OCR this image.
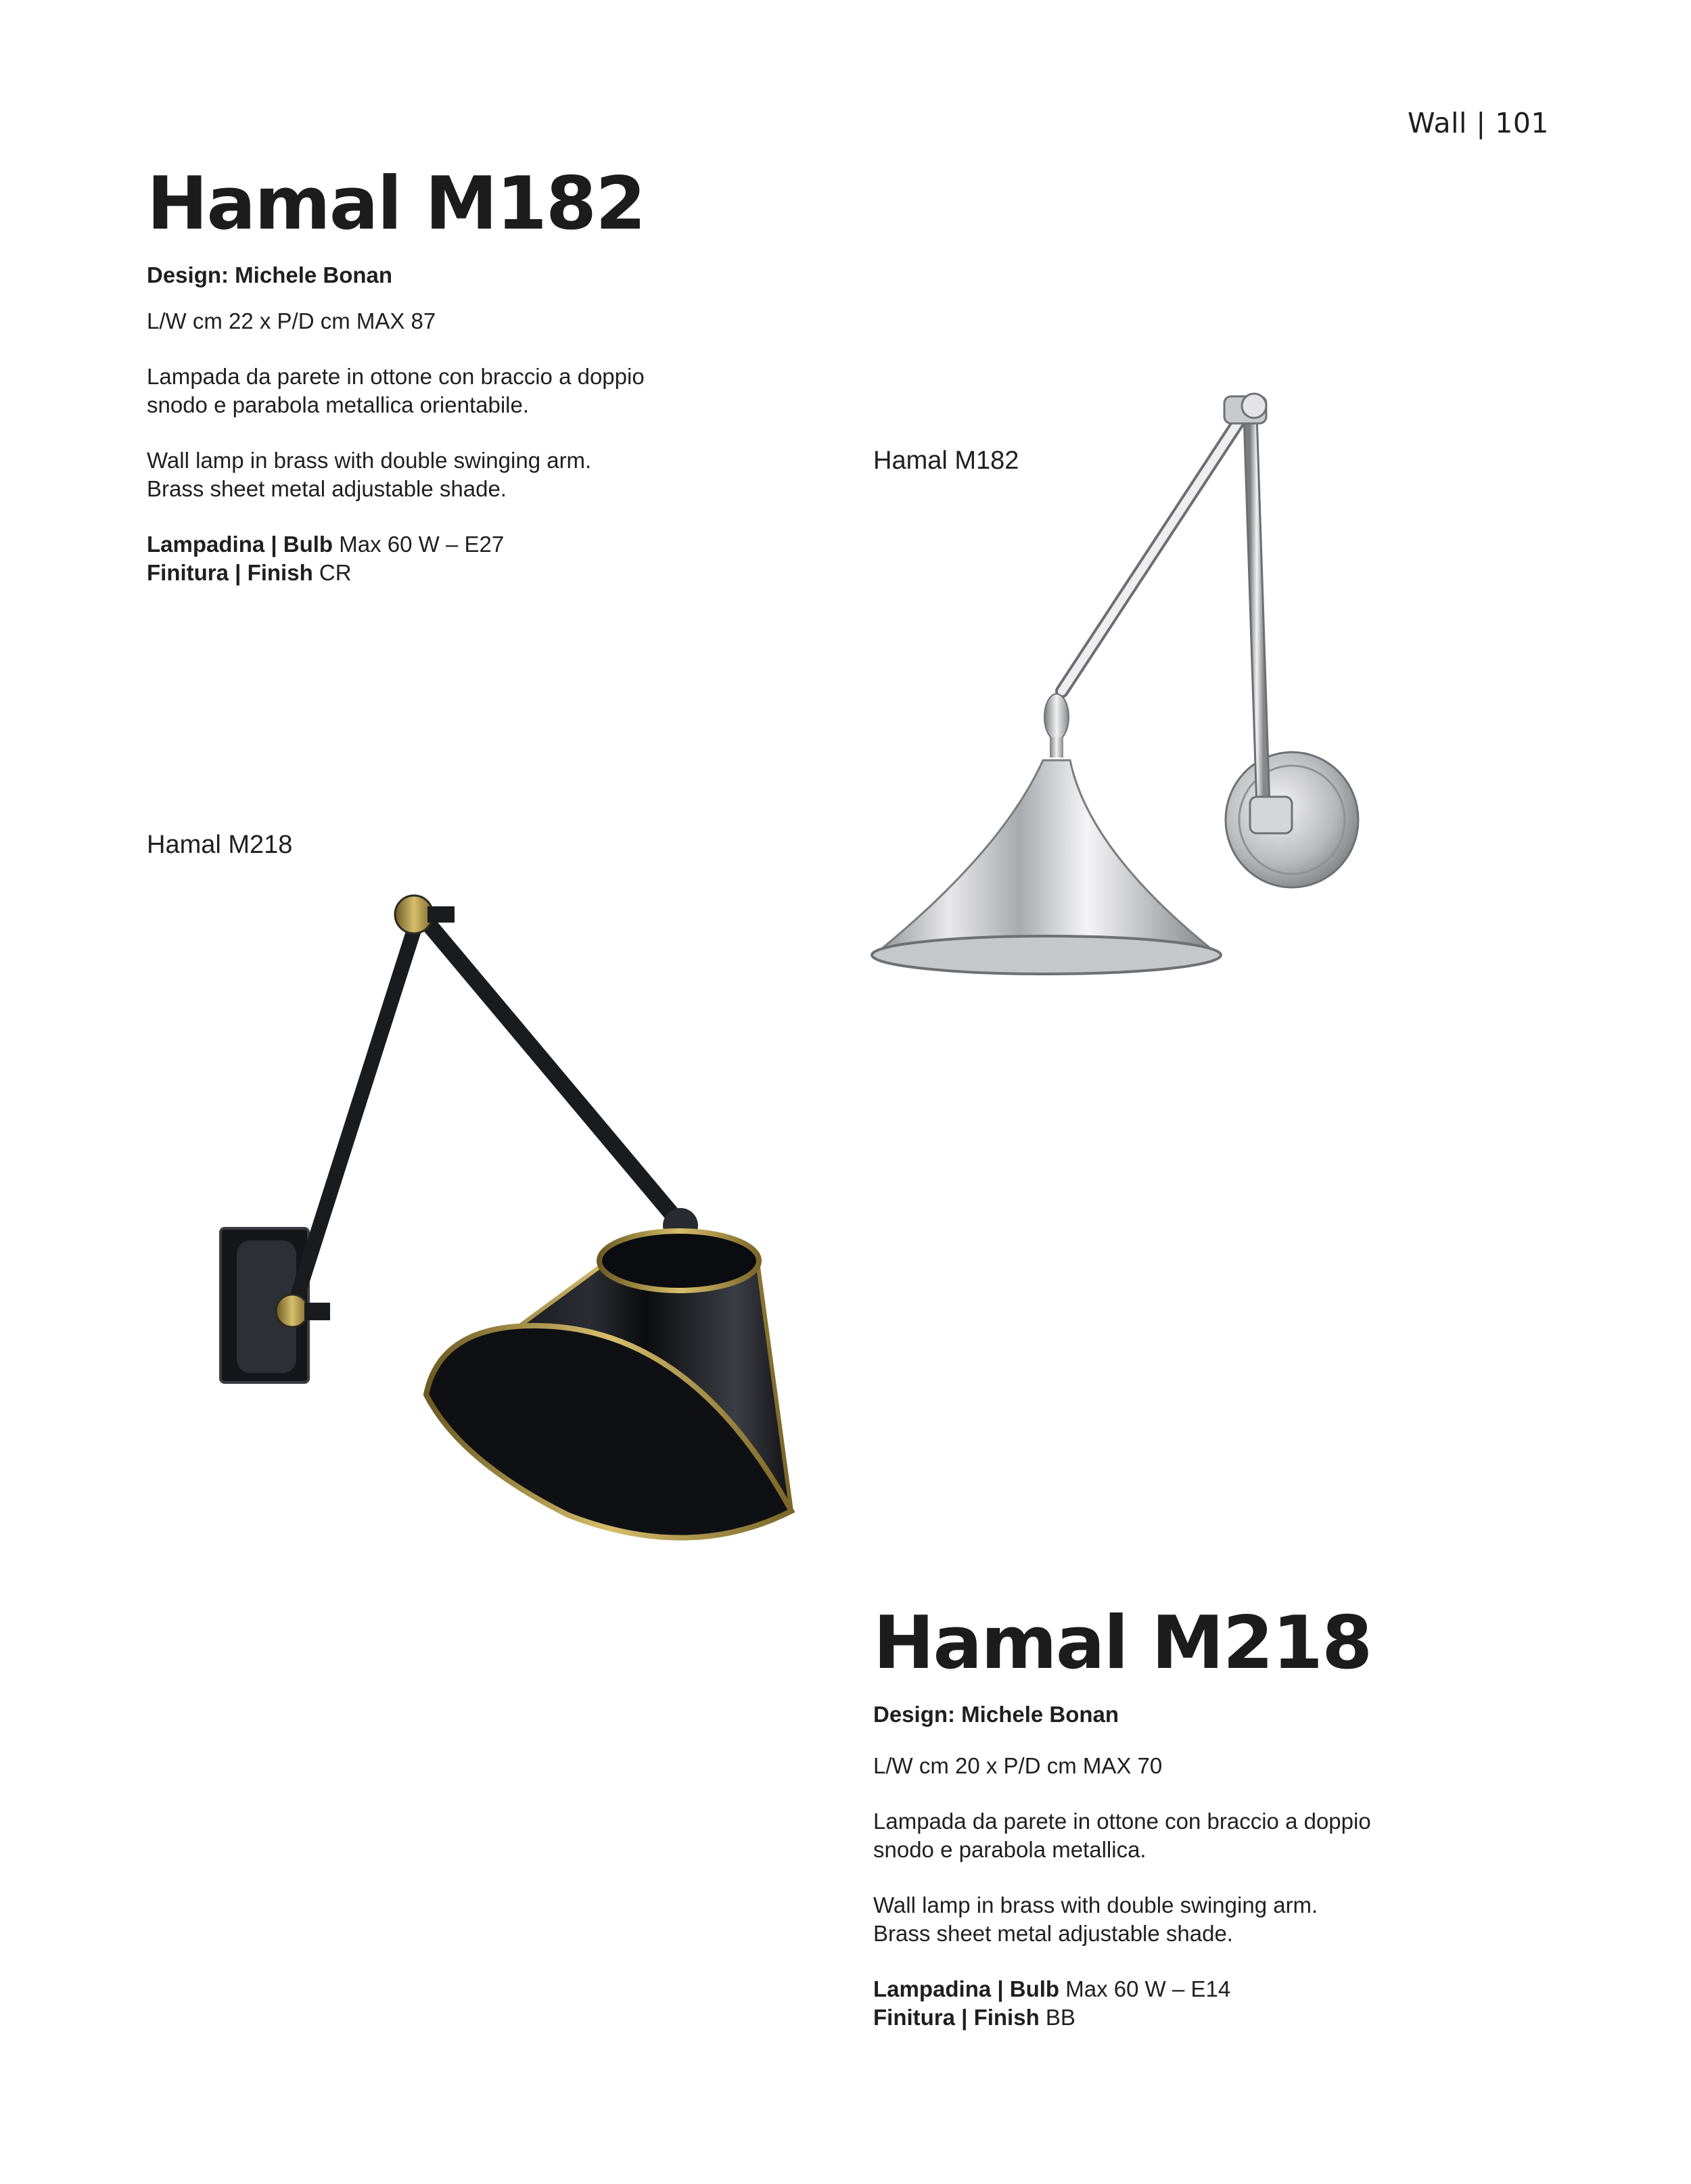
Wall | 101
Hamal M182
Design: Michele Bonan
L/W cm 22 x P/D cm MAX 87

Lampada da parete in ottone con braccio a doppio

snodo e parabola metallica orientabile.

Wall lamp in brass with double swinging arm.

Brass sheet metal adjustable shade.

Lampadina | Bulb Max 60 W – E27

Finitura | Finish CR

Hamal M182
Hamal M218
Hamal M218
Design: Michele Bonan
L/W cm 20 x P/D cm MAX 70

Lampada da parete in ottone con braccio a doppio

snodo e parabola metallica.

Wall lamp in brass with double swinging arm.

Brass sheet metal adjustable shade.

Lampadina | Bulb Max 60 W – E14

Finitura | Finish BB
